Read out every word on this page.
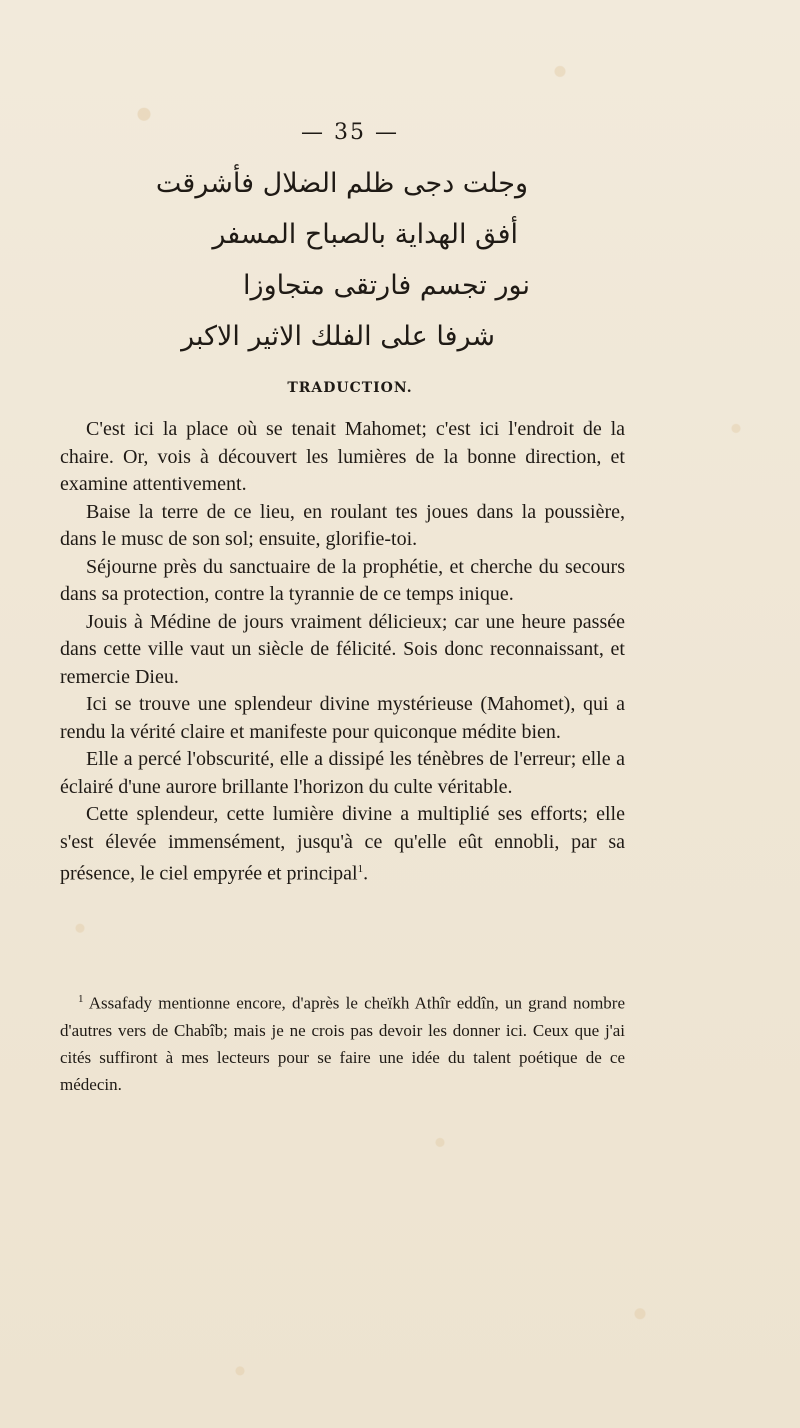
— 35 —
وجلت دجى ظلم الضلال فأشرقت
أفق الهداية بالصباح المسفر
نور تجسم فارتقى متجاوزا
شرفا على الفلك الاثير الاكبر
TRADUCTION.

C'est ici la place où se tenait Mahomet; c'est ici l'endroit de la chaire. Or, vois à découvert les lumières de la bonne direction, et examine attentivement.

Baise la terre de ce lieu, en roulant tes joues dans la poussière, dans le musc de son sol; ensuite, glorifie-toi.

Séjourne près du sanctuaire de la prophétie, et cherche du secours dans sa protection, contre la tyrannie de ce temps inique.

Jouis à Médine de jours vraiment délicieux; car une heure passée dans cette ville vaut un siècle de félicité. Sois donc reconnaissant, et remercie Dieu.

Ici se trouve une splendeur divine mystérieuse (Mahomet), qui a rendu la vérité claire et manifeste pour quiconque médite bien.

Elle a percé l'obscurité, elle a dissipé les ténèbres de l'erreur; elle a éclairé d'une aurore brillante l'horizon du culte véritable.

Cette splendeur, cette lumière divine a multiplié ses efforts; elle s'est élevée immensément, jusqu'à ce qu'elle eût ennobli, par sa présence, le ciel empyrée et principal$^1$.

$^1$ Assafady mentionne encore, d'après le cheïkh Athîr eddîn, un grand nombre d'autres vers de Chabîb; mais je ne crois pas devoir les donner ici. Ceux que j'ai cités suffiront à mes lecteurs pour se faire une idée du talent poétique de ce médecin.
